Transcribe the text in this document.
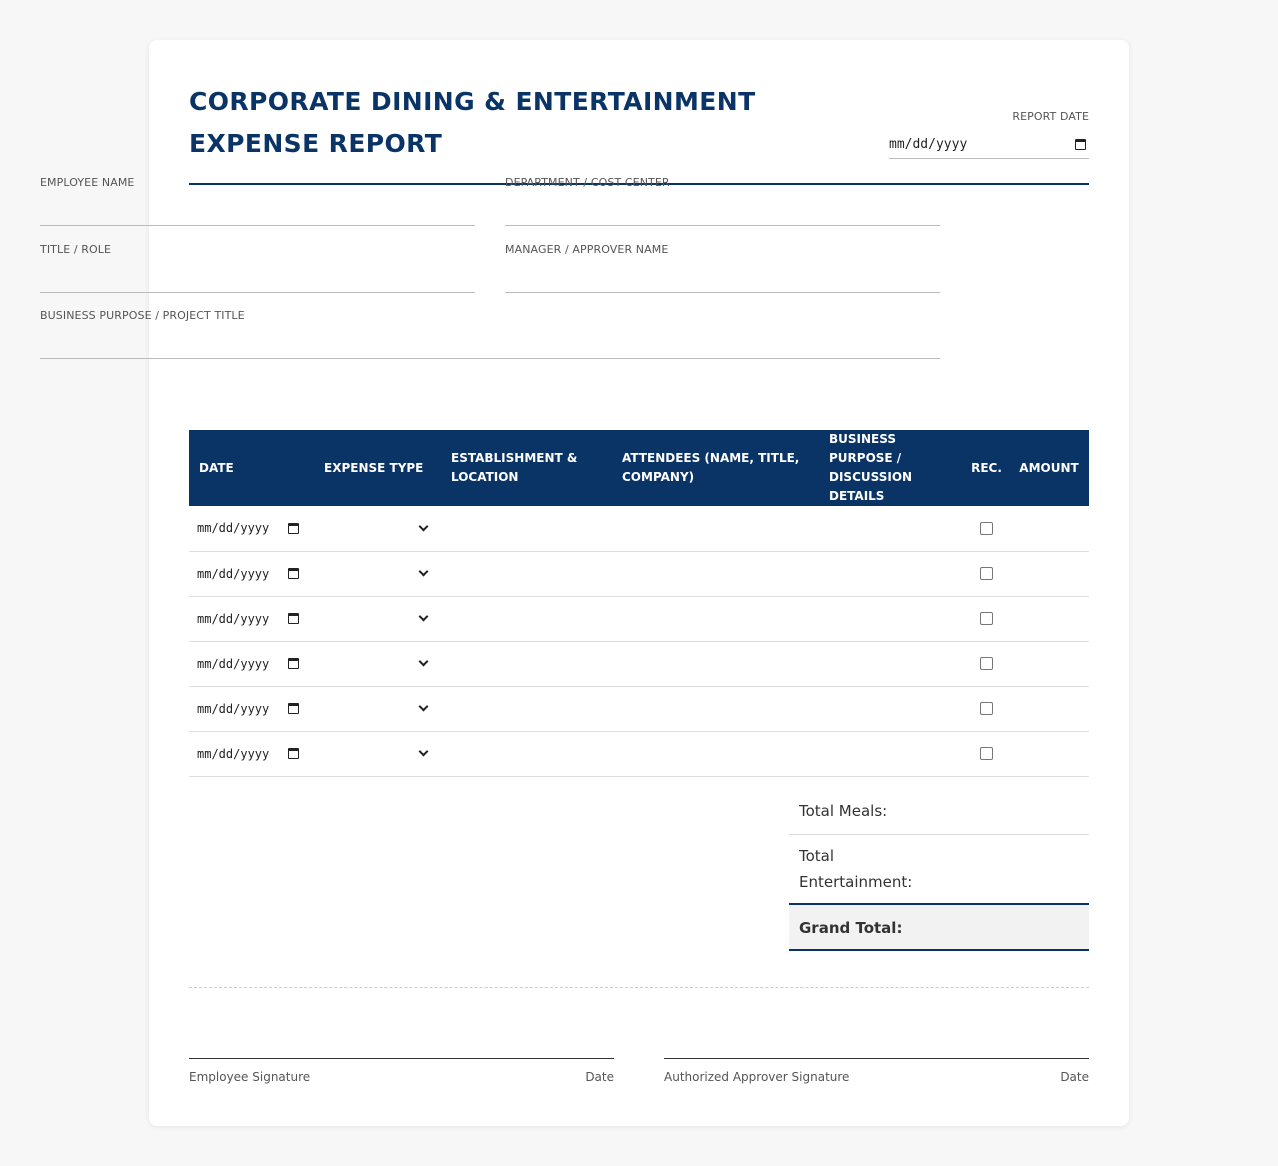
CORPORATE DINING & ENTERTAINMENT EXPENSE REPORT
REPORT DATE
mm/dd/yyyy
EMPLOYEE NAME	DEPARTMENT / COST CENTER
TITLE / ROLE	MANAGER / APPROVER NAME
BUSINESS PURPOSE / PROJECT TITLE
DATE	EXPENSE TYPE	ESTABLISHMENT & LOCATION	ATTENDEES (NAME, TITLE, COMPANY)	BUSINESS PURPOSE / DISCUSSION DETAILS	REC.	AMOUNT

mm/dd/yyyy						

mm/dd/yyyy						

mm/dd/yyyy						

mm/dd/yyyy						

mm/dd/yyyy						

mm/dd/yyyy						

Total Meals:
Total Entertainment:
Grand Total:
Employee Signature	Date	Authorized Approver Signature	Date
